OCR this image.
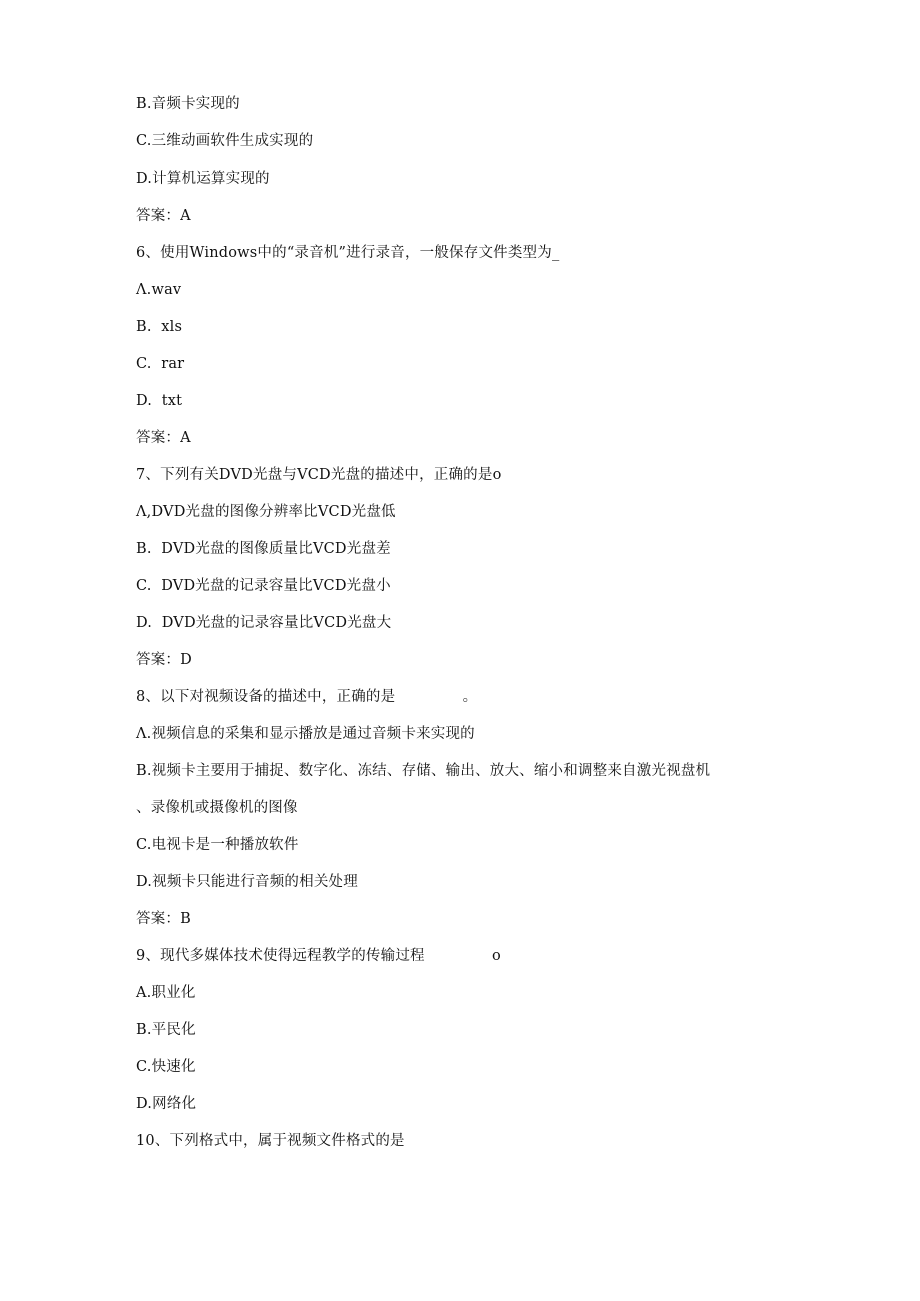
B.音频卡实现的
C.三维动画软件生成实现的
D.计算机运算实现的
答案：A
6、使用Windows中的“录音机”进行录音，一般保存文件类型为_
Λ.wav
B.  xls
C.  rar
D.  txt
答案：A
7、下列有关DVD光盘与VCD光盘的描述中，正确的是o
Λ,DVD光盘的图像分辨率比VCD光盘低
B.  DVD光盘的图像质量比VCD光盘差
C.  DVD光盘的记录容量比VCD光盘小
D.  DVD光盘的记录容量比VCD光盘大
答案：D
8、以下对视频设备的描述中，正确的是              。
Λ.视频信息的采集和显示播放是通过音频卡来实现的
B.视频卡主要用于捕捉、数字化、冻结、存储、输出、放大、缩小和调整来自激光视盘机
、录像机或摄像机的图像
C.电视卡是一种播放软件
D.视频卡只能进行音频的相关处理
答案：B
9、现代多媒体技术使得远程教学的传输过程              o
A.职业化
B.平民化
C.快速化
D.网络化
10、下列格式中，属于视频文件格式的是
